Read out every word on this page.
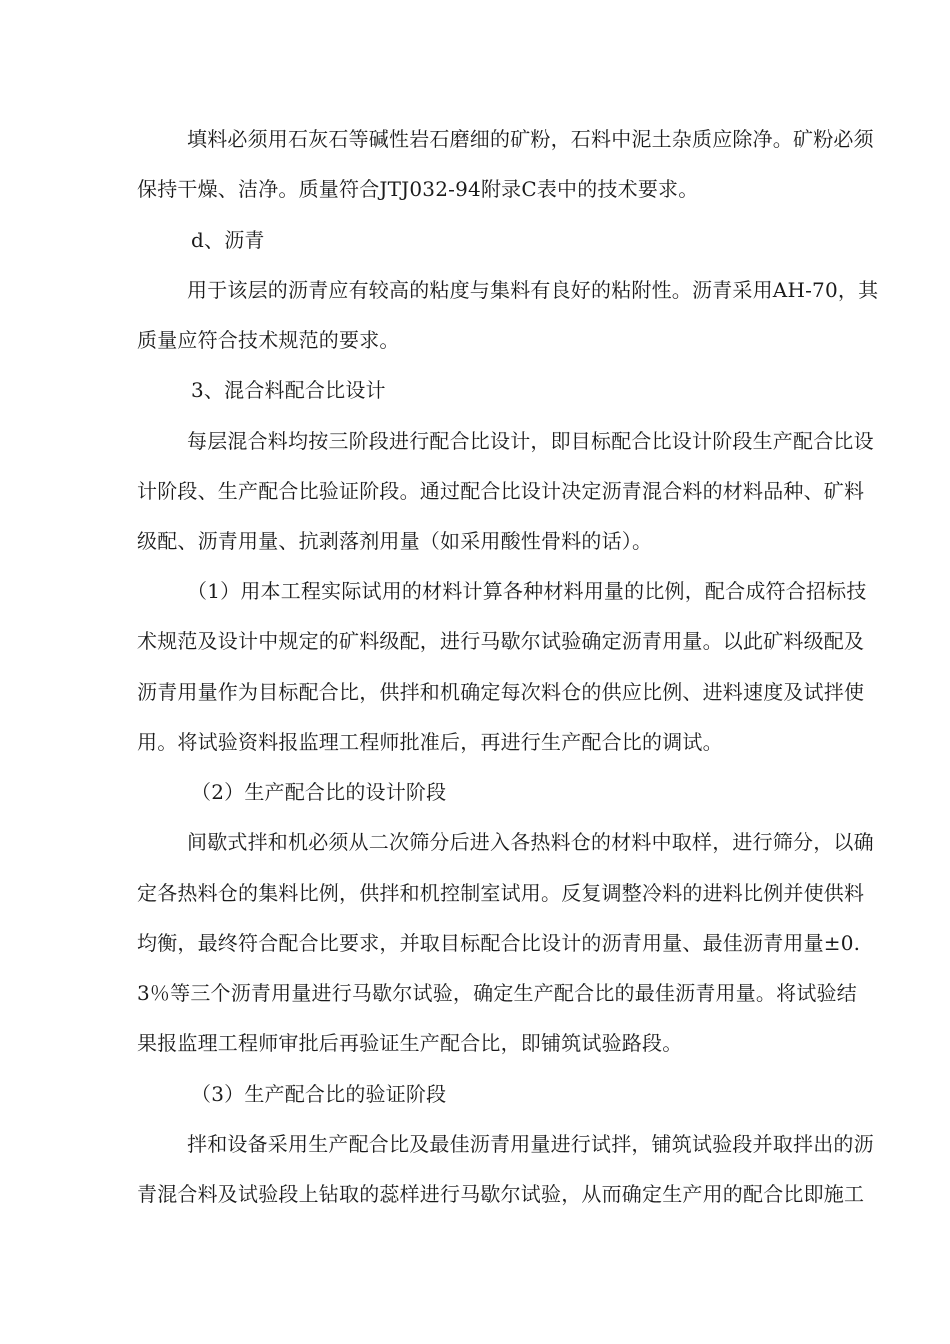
填料必须用石灰石等碱性岩石磨细的矿粉，石料中泥土杂质应除净。矿粉必须
保持干燥、洁净。质量符合JTJ032-94附录C表中的技术要求。
d、沥青
用于该层的沥青应有较高的粘度与集料有良好的粘附性。沥青采用AH-70，其
质量应符合技术规范的要求。
3、混合料配合比设计
每层混合料均按三阶段进行配合比设计，即目标配合比设计阶段生产配合比设
计阶段、生产配合比验证阶段。通过配合比设计决定沥青混合料的材料品种、矿料
级配、沥青用量、抗剥落剂用量（如采用酸性骨料的话）。
（1）用本工程实际试用的材料计算各种材料用量的比例，配合成符合招标技
术规范及设计中规定的矿料级配，进行马歇尔试验确定沥青用量。以此矿料级配及
沥青用量作为目标配合比，供拌和机确定每次料仓的供应比例、进料速度及试拌使
用。将试验资料报监理工程师批准后，再进行生产配合比的调试。
（2）生产配合比的设计阶段
间歇式拌和机必须从二次筛分后进入各热料仓的材料中取样，进行筛分，以确
定各热料仓的集料比例，供拌和机控制室试用。反复调整冷料的进料比例并使供料
均衡，最终符合配合比要求，并取目标配合比设计的沥青用量、最佳沥青用量±0.
3％等三个沥青用量进行马歇尔试验，确定生产配合比的最佳沥青用量。将试验结
果报监理工程师审批后再验证生产配合比，即铺筑试验路段。
（3）生产配合比的验证阶段
拌和设备采用生产配合比及最佳沥青用量进行试拌，铺筑试验段并取拌出的沥
青混合料及试验段上钻取的蕊样进行马歇尔试验，从而确定生产用的配合比即施工
